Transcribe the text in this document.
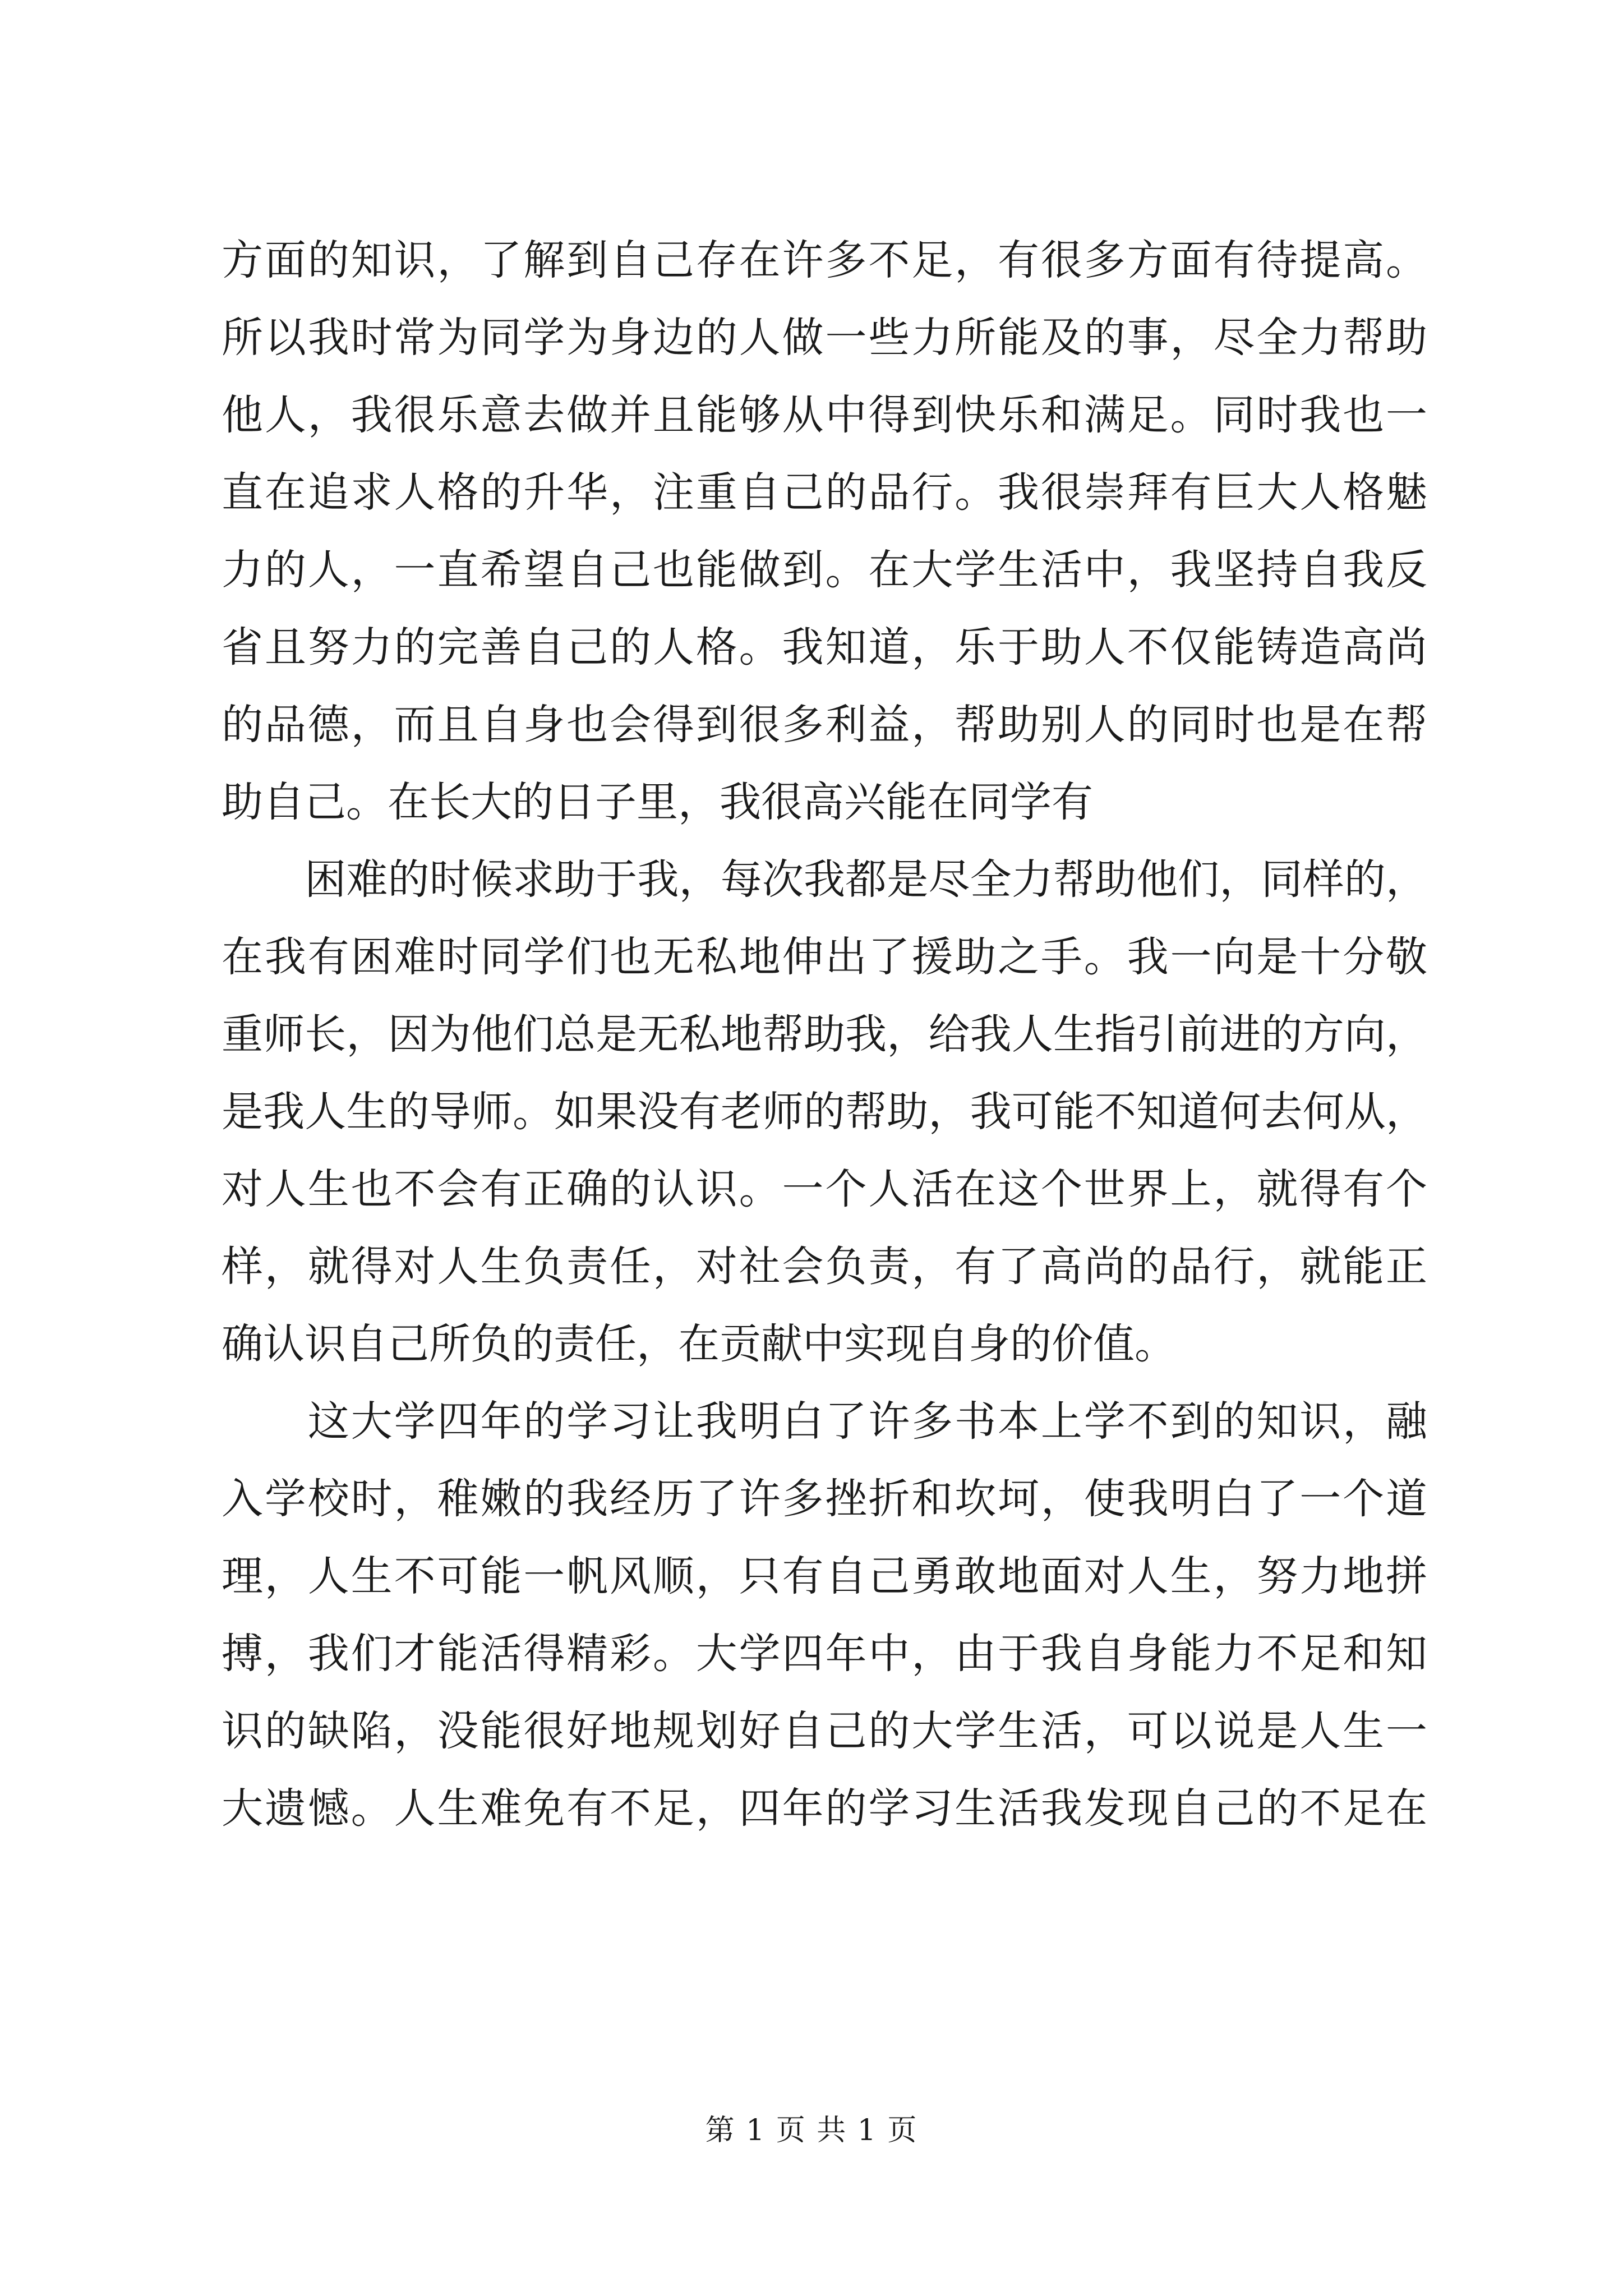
方面的知识，了解到自己存在许多不足，有很多方面有待提高。
所以我时常为同学为身边的人做一些力所能及的事，尽全力帮助
他人，我很乐意去做并且能够从中得到快乐和满足。同时我也一
直在追求人格的升华，注重自己的品行。我很崇拜有巨大人格魅
力的人，一直希望自己也能做到。在大学生活中，我坚持自我反
省且努力的完善自己的人格。我知道，乐于助人不仅能铸造高尚
的品德，而且自身也会得到很多利益，帮助别人的同时也是在帮
助自己。在长大的日子里，我很高兴能在同学有
　　困难的时候求助于我，每次我都是尽全力帮助他们，同样的，
在我有困难时同学们也无私地伸出了援助之手。我一向是十分敬
重师长，因为他们总是无私地帮助我，给我人生指引前进的方向，
是我人生的导师。如果没有老师的帮助，我可能不知道何去何从，
对人生也不会有正确的认识。一个人活在这个世界上，就得有个
样，就得对人生负责任，对社会负责，有了高尚的品行，就能正
确认识自己所负的责任，在贡献中实现自身的价值。
　　这大学四年的学习让我明白了许多书本上学不到的知识，融
入学校时，稚嫩的我经历了许多挫折和坎坷，使我明白了一个道
理，人生不可能一帆风顺，只有自己勇敢地面对人生，努力地拼
搏，我们才能活得精彩。大学四年中，由于我自身能力不足和知
识的缺陷，没能很好地规划好自己的大学生活，可以说是人生一
大遗憾。人生难免有不足，四年的学习生活我发现自己的不足在
第 1 页 共 1 页
